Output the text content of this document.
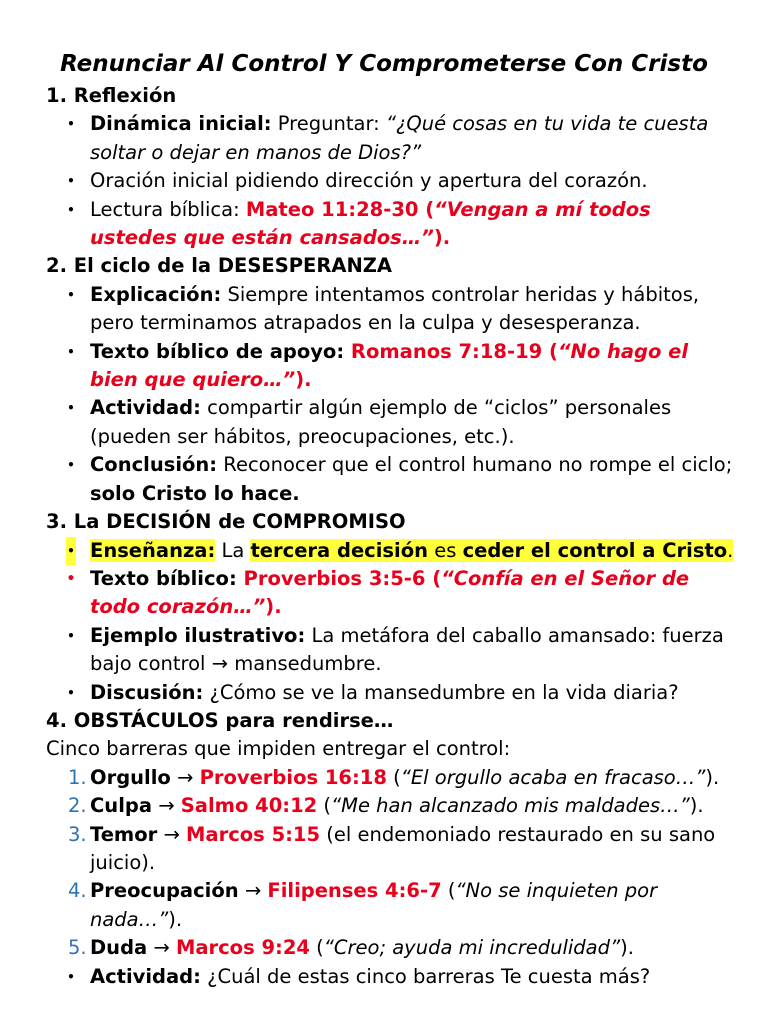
Renunciar Al Control Y Comprometerse Con Cristo

1. Reflexión

• Dinámica inicial: Preguntar: “¿Qué cosas en tu vida te cuesta soltar o dejar en manos de Dios?”
• Oración inicial pidiendo dirección y apertura del corazón.
• Lectura bíblica: Mateo 11:28-30 (“Vengan a mí todos ustedes que están cansados…”).

2. El ciclo de la DESESPERANZA

• Explicación: Siempre intentamos controlar heridas y hábitos, pero terminamos atrapados en la culpa y desesperanza.
• Texto bíblico de apoyo: Romanos 7:18-19 (“No hago el bien que quiero…”).
• Actividad: compartir algún ejemplo de “ciclos” personales (pueden ser hábitos, preocupaciones, etc.).
• Conclusión: Reconocer que el control humano no rompe el ciclo; solo Cristo lo hace.

3. La DECISIÓN de COMPROMISO

• Enseñanza: La tercera decisión es ceder el control a Cristo.
• Texto bíblico: Proverbios 3:5-6 (“Confía en el Señor de todo corazón…”).
• Ejemplo ilustrativo: La metáfora del caballo amansado: fuerza bajo control → mansedumbre.
• Discusión: ¿Cómo se ve la mansedumbre en la vida diaria?

4. OBSTÁCULOS para rendirse…

Cinco barreras que impiden entregar el control:

1. Orgullo → Proverbios 16:18 (“El orgullo acaba en fracaso…”).
2. Culpa → Salmo 40:12 (“Me han alcanzado mis maldades…”).
3. Temor → Marcos 5:15 (el endemoniado restaurado en su sano juicio).
4. Preocupación → Filipenses 4:6-7 (“No se inquieten por nada…”).
5. Duda → Marcos 9:24 (“Creo; ayuda mi incredulidad”).
• Actividad: ¿Cuál de estas cinco barreras Te cuesta más?
